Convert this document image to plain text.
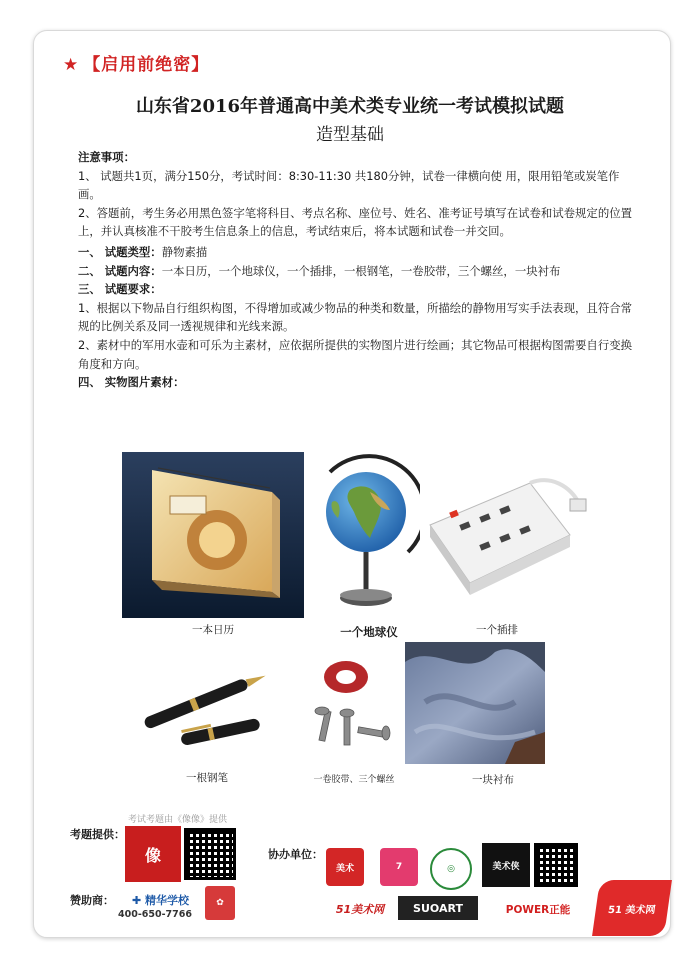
★ 【启用前绝密】
山东省2016年普通高中美术类专业统一考试模拟试题
造型基础

注意事项：

1、 试题共1页，满分150分，考试时间：8:30-11:30 共180分钟，试卷一律横向使 用，限用铅笔或炭笔作画。

2、答题前，考生务必用黑色签字笔将科目、考点名称、座位号、姓名、准考证号填写在试卷和试卷规定的位置上，并认真核准不干胶考生信息条上的信息，考试结束后，将本试题和试卷一并交回。

一、 试题类型：静物素描

二、 试题内容：一本日历，一个地球仪，一个插排，一根钢笔，一卷胶带，三个螺丝，一块衬布

三、 试题要求：

1、根据以下物品自行组织构图，不得增加或减少物品的种类和数量，所描绘的静物用写实手法表现，且符合常规的比例关系及同一透视规律和光线来源。

2、素材中的军用水壶和可乐为主素材，应依据所提供的实物图片进行绘画；其它物品可根据构图需要自行变换角度和方向。

四、 实物图片素材：

一本日历	一个地球仪	一个插排
一根钢笔	一卷胶带、三个螺丝	一块衬布
考试考题由《像像》提供
考题提供：
像	协办单位：
美术	7	◎	美术侠
赞助商： ✚ 精华学校
400-650-7766
✿	51美术网	SUOART	POWER正能	51 美术网
